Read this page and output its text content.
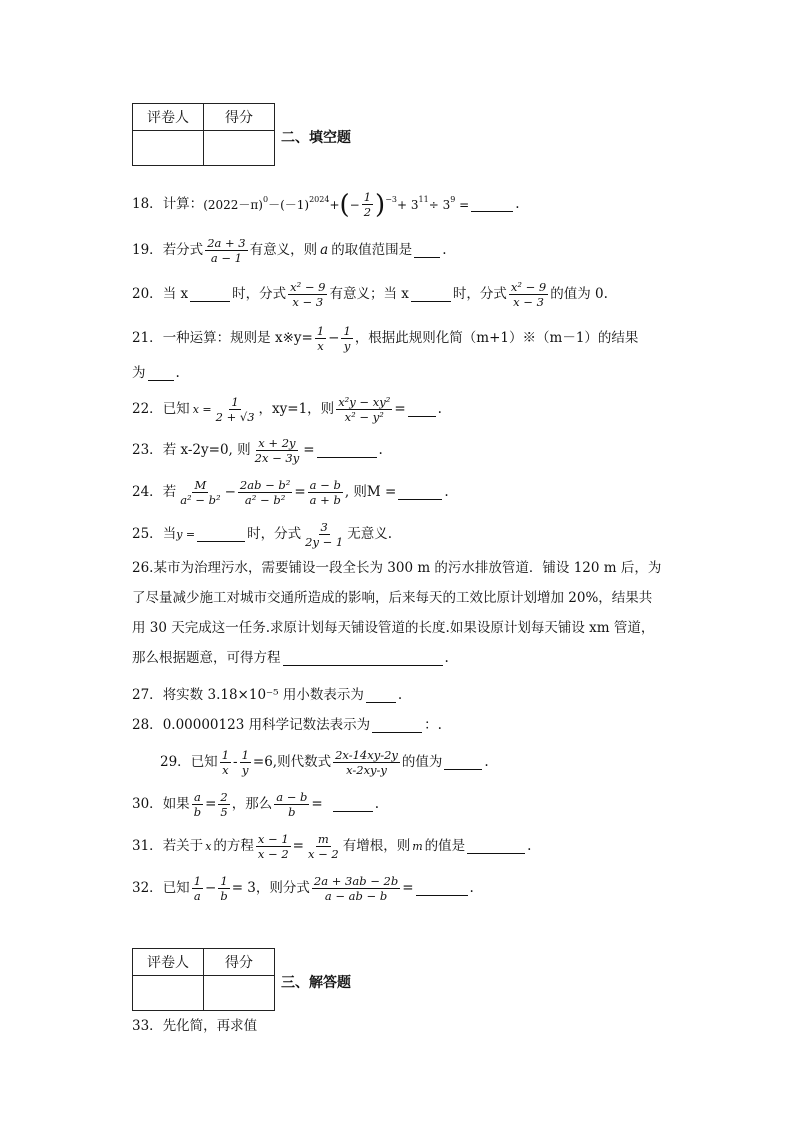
评卷人	得分

二、填空题
18． 计算： $(2022-\pi)^0-(-1)^{2024}+$ ( − $\frac{1}{2}$ ) $^{-3}+ 3^{11}\div 3^9$ =	.
19． 若分式 $\frac{2a + 3}{a - 1}$ 有意义，则 a 的取值范围是 .
20． 当 x	时，分式 $\frac{\text{x² − 9}}{x - 3}$ 有意义；当 x	时，分式 $\frac{\text{x² − 9}}{x - 3}$ 的值为 0.
21． 一种运算：规则是 x※y= $\frac{1}{x} - \frac{1}{y}$ ，根据此规则化简（m+1）※（m－1）的结果
为 .
22． 已知 $x = \frac{1}{2 + √3}$ ，xy=1，则 $\frac{\text{x²y − xy²}}{\text{x² − y²}}$ = .
23． 若 x-2y=0, 则 $\frac{x + 2y}{2x - 3y}$ =	.
24． 若 $\frac{M}{\text{a² − b²}} - \frac{\text{2ab − b²}}{\text{a² − b²}} = \frac{a - b}{a + b}$ , 则M =	.
25． 当 y =	时，分式 $\frac{3}{2y - 1}$ 无意义.
26.某市为治理污水，需要铺设一段全长为 300 m 的污水排放管道．铺设 120 m 后，为
了尽量减少施工对城市交通所造成的影响，后来每天的工效比原计划增加 20%，结果共
用 30 天完成这一任务.求原计划每天铺设管道的长度.如果设原计划每天铺设 xm 管道，
那么根据题意，可得方程	.
27． 将实数 3.18×10⁻⁵ 用小数表示为	.
28． 0.00000123 用科学记数法表示为	： .
29． 已知 $\frac{1}{x} - \frac{1}{y} =6$,则代数式 $\frac{2x-14xy-2y}{x-2xy-y}$ 的值为	.
30． 如果 $\frac{a}{b} = \frac{2}{5}$ ，那么 $\frac{a - b}{b}$ =	.
31． 若关于 x 的方程 $\frac{x - 1}{x - 2} = \frac{m}{x - 2}$ 有增根，则 m 的值是	.
32． 已知 $\frac{1}{a} - \frac{1}{b} = 3$，则分式 $\frac{2a + 3ab - 2b}{a - ab - b}$ =	.
评卷人	得分

三、解答题
33． 先化简，再求值
